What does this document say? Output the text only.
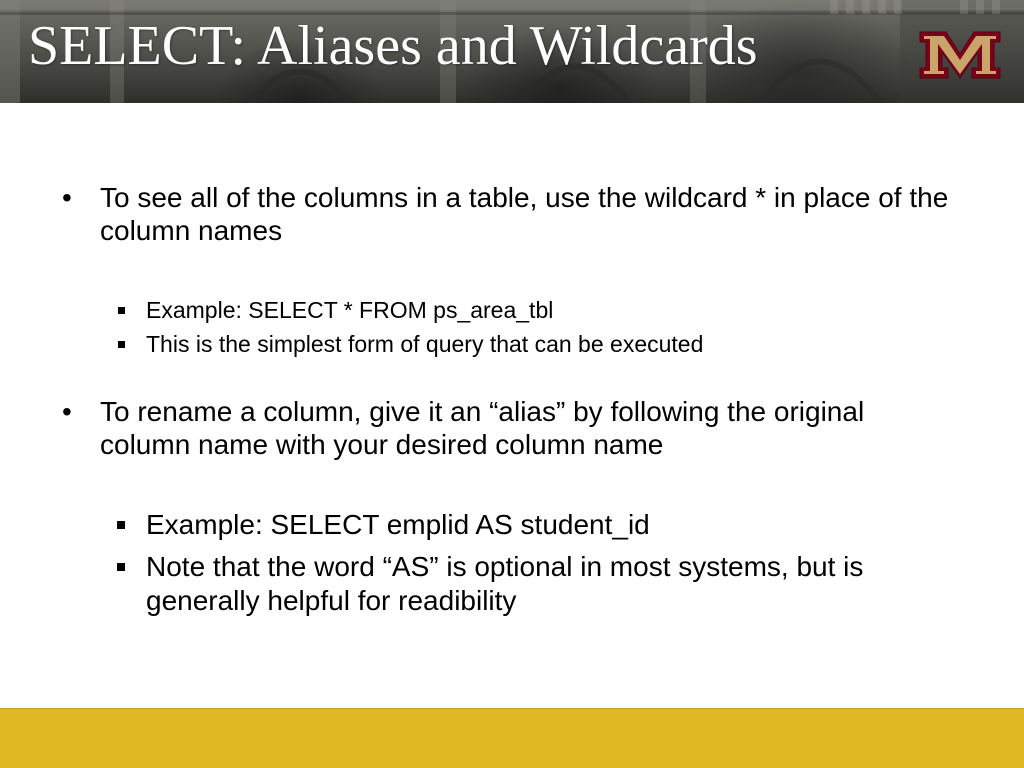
SELECT: Aliases and Wildcards
• To see all of the columns in a table, use the wildcard * in place of the column names
Example: SELECT * FROM ps_area_tbl
This is the simplest form of query that can be executed
• To rename a column, give it an “alias” by following the original column name with your desired column name
Example: SELECT emplid AS student_id
Note that the word “AS” is optional in most systems, but is generally helpful for readibility
